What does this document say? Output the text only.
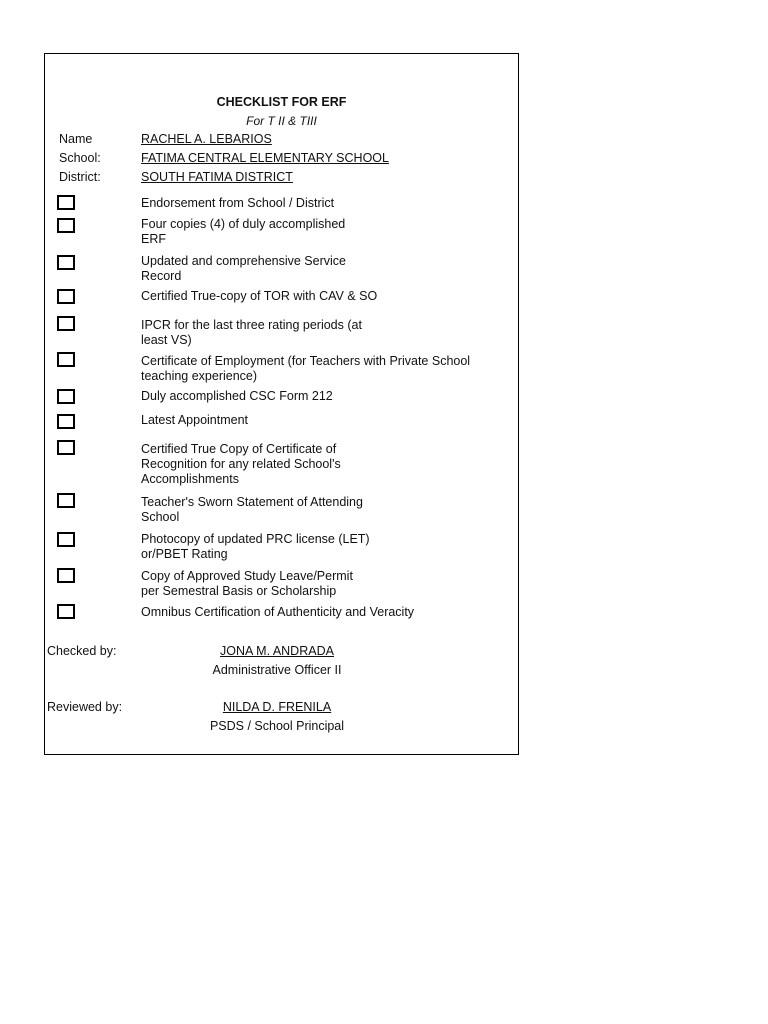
CHECKLIST FOR ERF
For T II & TIII
Name	RACHEL A. LEBARIOS
School:	FATIMA CENTRAL ELEMENTARY SCHOOL
District:	SOUTH FATIMA DISTRICT
Endorsement from School / District
Four copies (4) of duly accomplished
ERF
Updated and comprehensive Service
Record
Certified True-copy of TOR with CAV & SO
IPCR for the last three rating periods (at
least VS)
Certificate of Employment (for Teachers with Private School
teaching experience)
Duly accomplished CSC Form 212
Latest Appointment
Certified True Copy of Certificate of
Recognition for any related School's
Accomplishments
Teacher's Sworn Statement of Attending
School
Photocopy of updated PRC license (LET)
or/PBET Rating
Copy of Approved Study Leave/Permit
per Semestral Basis or Scholarship
Omnibus Certification of Authenticity and Veracity
Checked by:	JONA M. ANDRADA
Administrative Officer II
Reviewed by:	NILDA D. FRENILA
PSDS / School Principal
